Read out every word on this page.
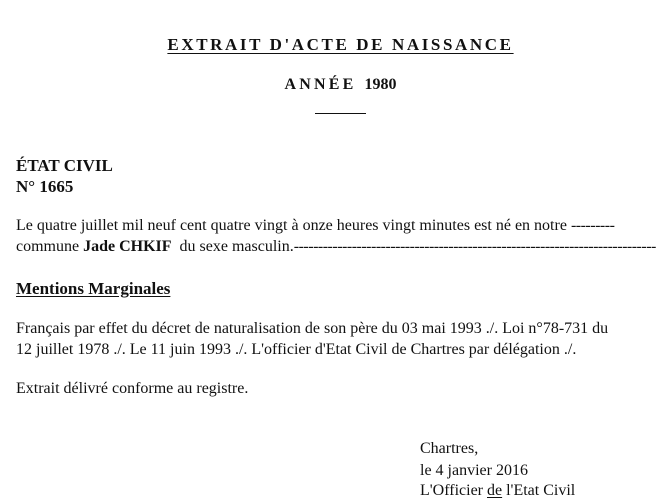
EXTRAIT D'ACTE DE NAISSANCE
ANNÉE 1980
ÉTAT CIVIL
N° 1665
Le quatre juillet mil neuf cent quatre vingt à onze heures vingt minutes est né en notre ---------
commune Jade CHKIF du sexe masculin.---------------------------------------------------------------------------
Mentions Marginales
Français par effet du décret de naturalisation de son père du 03 mai 1993 ./. Loi n°78-731 du
12 juillet 1978 ./. Le 11 juin 1993 ./. L'officier d'Etat Civil de Chartres par délégation ./.
Extrait délivré conforme au registre.
Chartres,
le 4 janvier 2016
L'Officier de l'Etat Civil
